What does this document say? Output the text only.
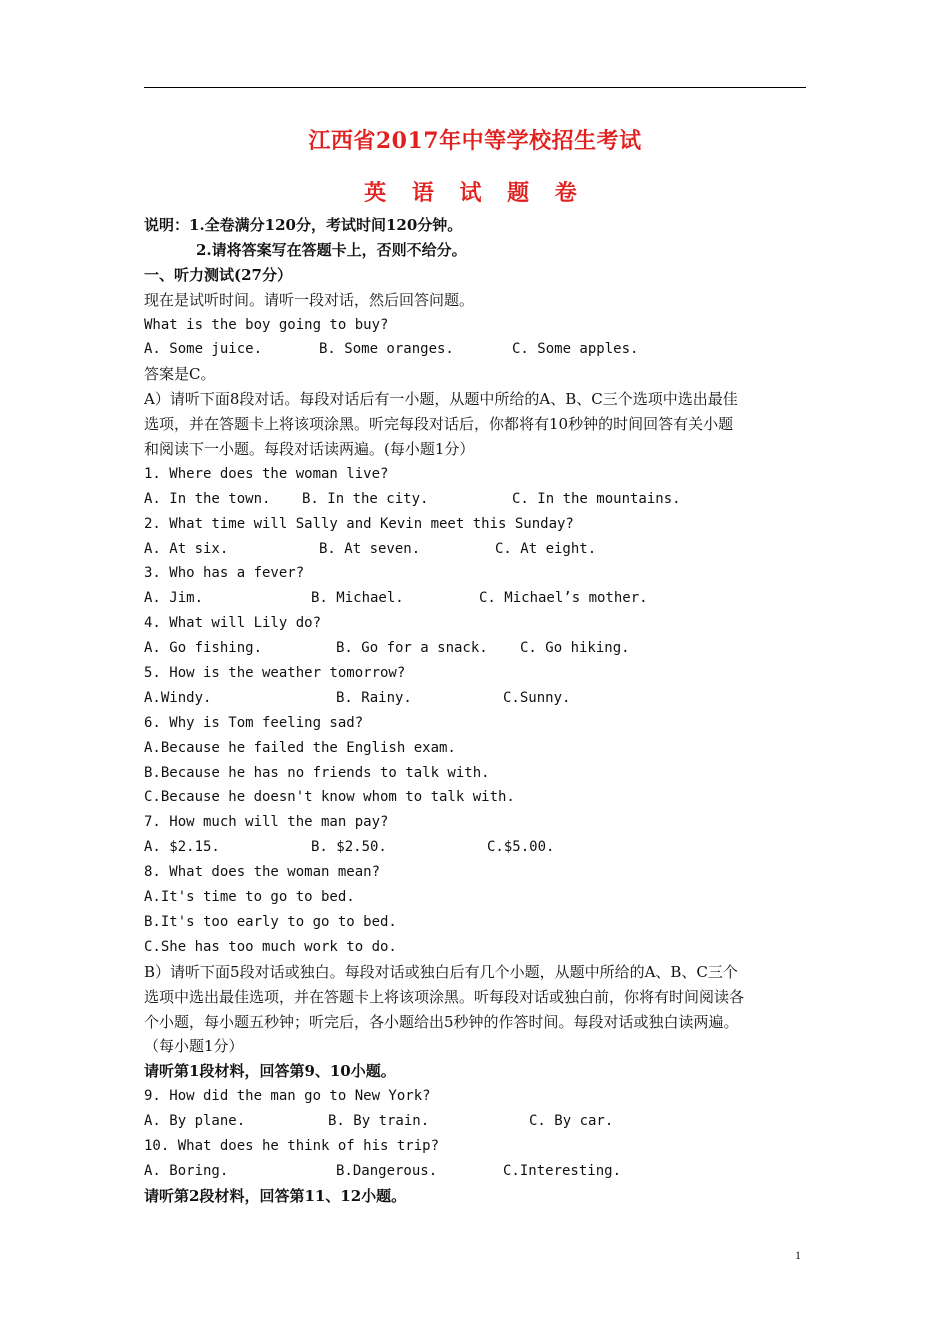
江西省2017年中等学校招生考试
英 语 试 题 卷
说明：1.全卷满分120分，考试时间120分钟。
2.请将答案写在答题卡上，否则不给分。
一、听力测试(27分）
现在是试听时间。请听一段对话，然后回答问题。
What is the boy going to buy?
A. Some juice.	B. Some oranges.	C. Some apples.
答案是C。
A）请听下面8段对话。每段对话后有一小题，从题中所给的A、B、C三个选项中选出最佳
选项，并在答题卡上将该项涂黑。听完每段对话后，你都将有10秒钟的时间回答有关小题
和阅读下一小题。每段对话读两遍。(每小题1分）
1. Where does the woman live?
A. In the town.	B. In the city.	C. In the mountains.
2. What time will Sally and Kevin meet this Sunday?
A. At six.	B. At seven.	C. At eight.
3. Who has a fever?
A. Jim.	B. Michael.	C. Michael’s mother.
4. What will Lily do?
A. Go fishing.	B. Go for a snack.	C. Go hiking.
5. How is the weather tomorrow?
A.Windy.	B. Rainy.	C.Sunny.
6. Why is Tom feeling sad?
A.Because he failed the English exam.
B.Because he has no friends to talk with.
C.Because he doesn't know whom to talk with.
7. How much will the man pay?
A. $2.15.	B. $2.50.	C.$5.00.
8. What does the woman mean?
A.It's time to go to bed.
B.It's too early to go to bed.
C.She has too much work to do.
B）请听下面5段对话或独白。每段对话或独白后有几个小题，从题中所给的A、B、C三个
选项中选出最佳选项，并在答题卡上将该项涂黑。听每段对话或独白前，你将有时间阅读各
个小题，每小题五秒钟；听完后，各小题给出5秒钟的作答时间。每段对话或独白读两遍。
（每小题1分）
请听第1段材料，回答第9、10小题。
9. How did the man go to New York?
A. By plane.	B. By train.	C. By car.
10. What does he think of his trip?
A. Boring.	B.Dangerous.	C.Interesting.
请听第2段材料，回答第11、12小题。
1
